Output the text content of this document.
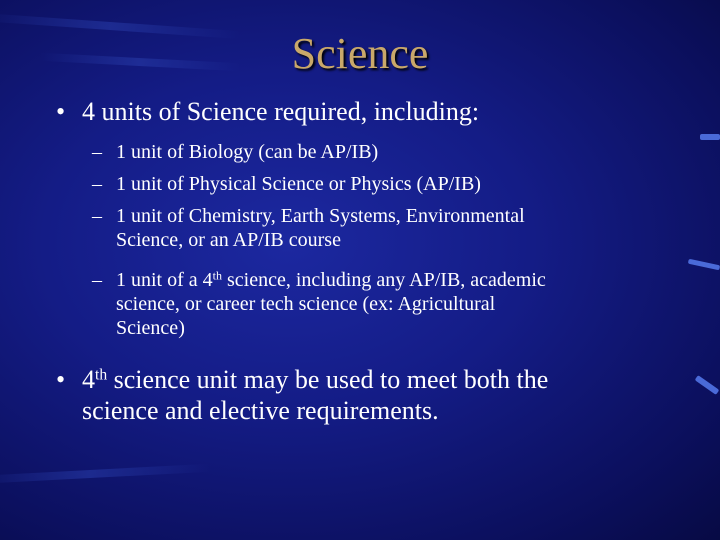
Science
• 4 units of Science required, including:
– 1 unit of Biology (can be AP/IB)
– 1 unit of Physical Science or Physics (AP/IB)
– 1 unit of Chemistry, Earth Systems, Environmental
Science, or an AP/IB course
– 1 unit of a 4th science, including any AP/IB, academic
science, or career tech science (ex: Agricultural
Science)
• 4th science unit may be used to meet both the
science and elective requirements.
